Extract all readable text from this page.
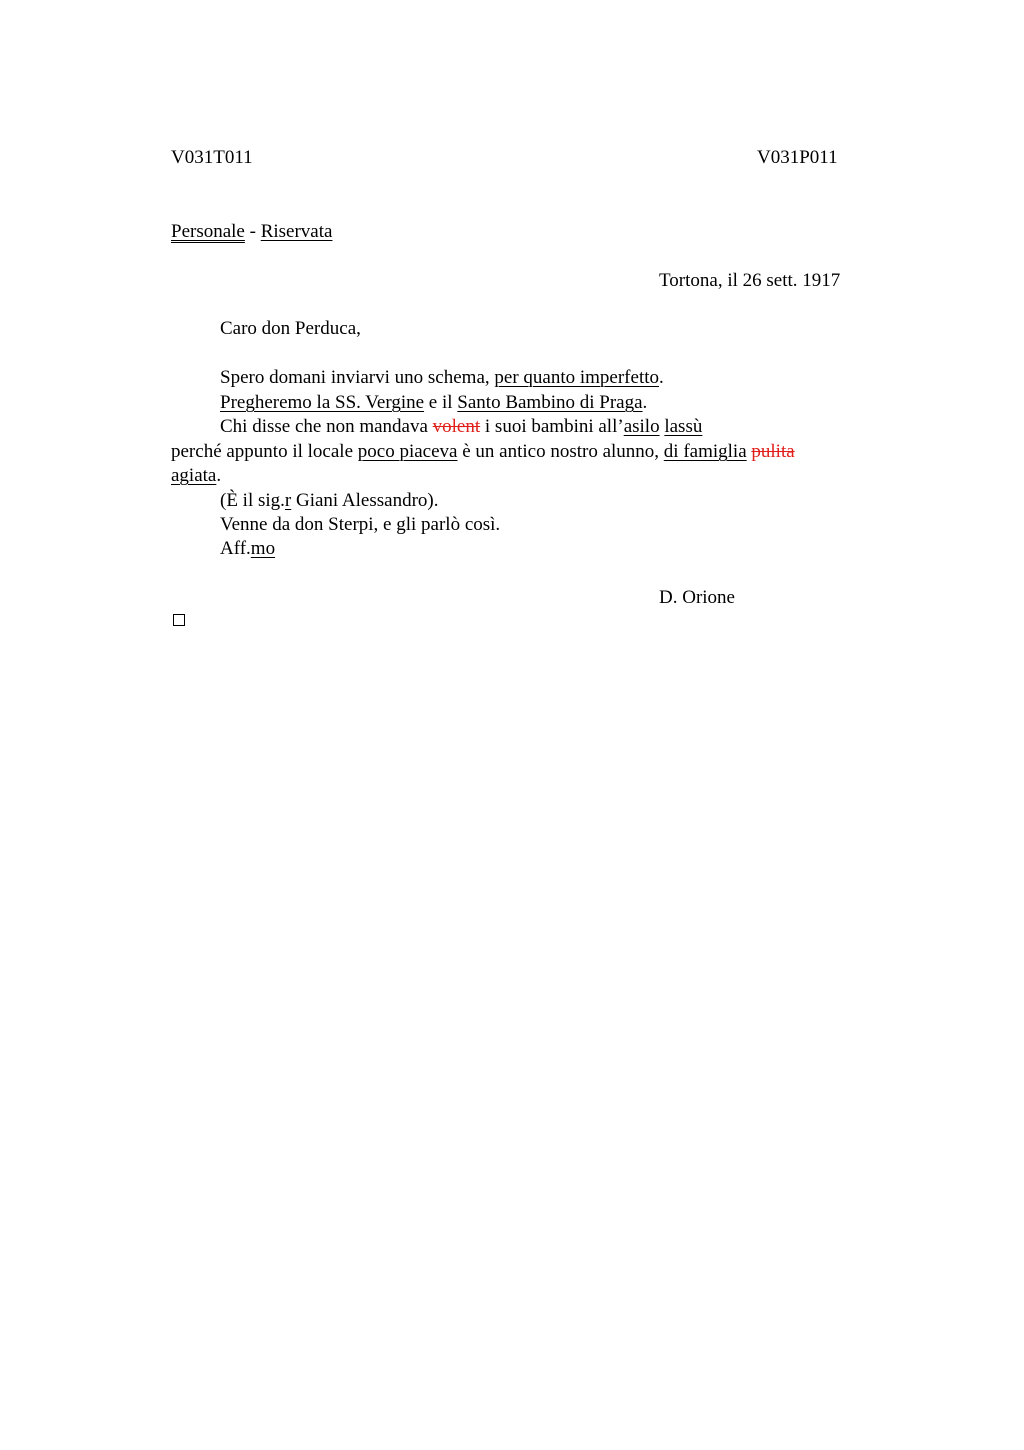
V031T011	V031P011
Personale - Riservata
Tortona, il 26 sett. 1917
Caro don Perduca,
Spero domani inviarvi uno schema, per quanto imperfetto.
Pregheremo la SS. Vergine e il Santo Bambino di Praga.
Chi disse che non mandava volent i suoi bambini all’asilo lassù
perché appunto il locale poco piaceva è un antico nostro alunno, di famiglia pulita
agiata.
(È il sig.r Giani Alessandro).
Venne da don Sterpi, e gli parlò così.
Aff.mo
D. Orione
